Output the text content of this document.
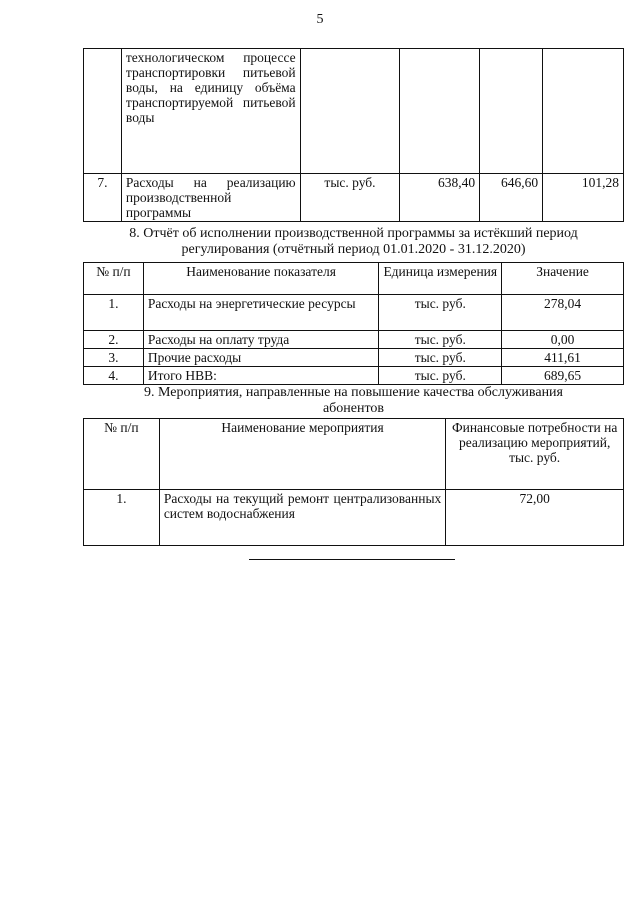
5
	технологическом процессе транспортировки питьевой воды, на единицу объёма транспортируемой питьевой воды				
7.	Расходы на реализацию производственной программы	тыс. руб.	638,40	646,60	101,28
8. Отчёт об исполнении производственной программы за истёкший период
регулирования (отчётный период 01.01.2020 - 31.12.2020)
№ п/п	Наименование показателя	Единица измерения	Значение
1.	Расходы на энергетические ресурсы	тыс. руб.	278,04
2.	Расходы на оплату труда	тыс. руб.	0,00
3.	Прочие расходы	тыс. руб.	411,61
4.	Итого НВВ:	тыс. руб.	689,65
9. Мероприятия, направленные на повышение качества обслуживания
абонентов
№ п/п	Наименование мероприятия	Финансовые потребности на реализацию мероприятий, тыс. руб.
1.	Расходы на текущий ремонт централизованных систем водоснабжения	72,00
